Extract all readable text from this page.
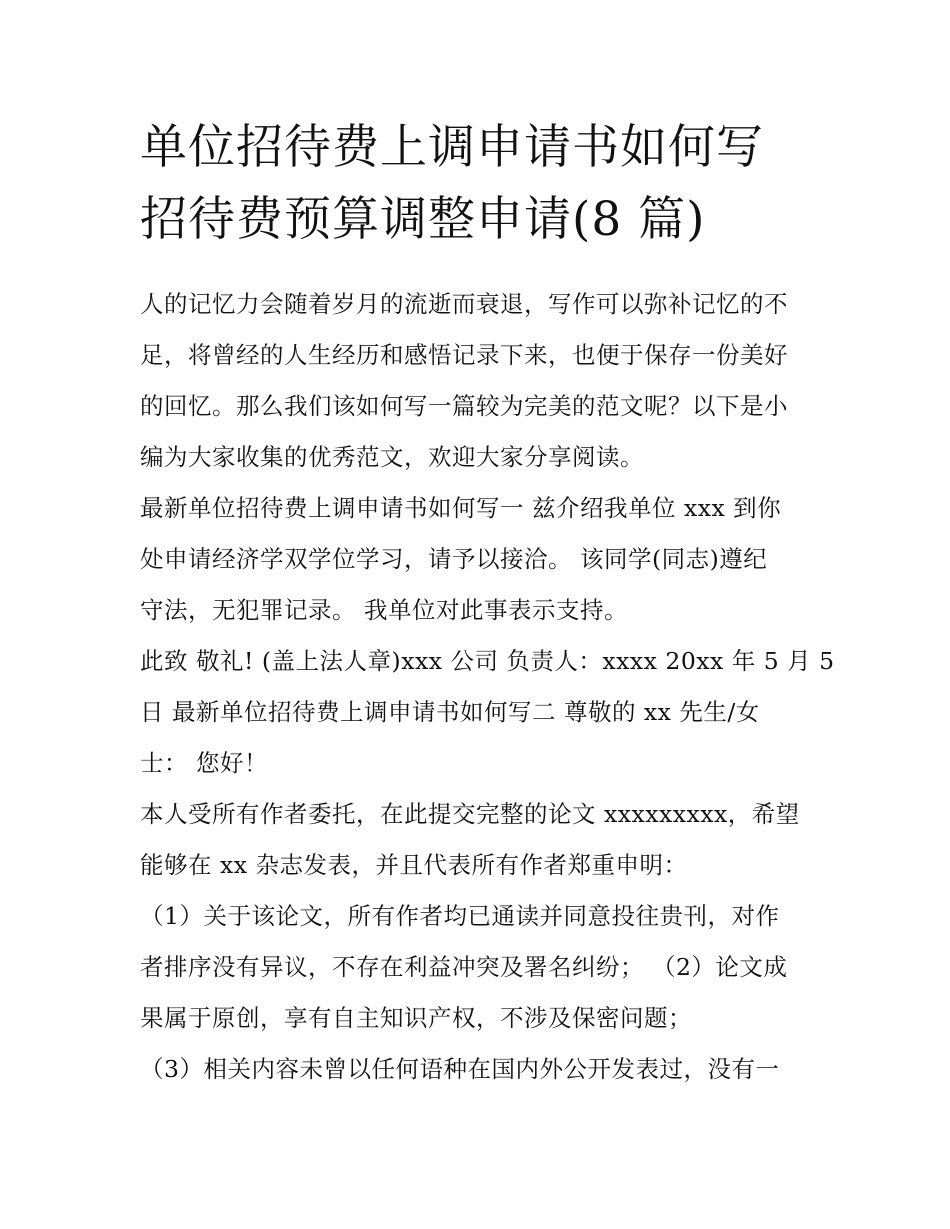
单位招待费上调申请书如何写
招待费预算调整申请(8 篇)
人的记忆力会随着岁月的流逝而衰退，写作可以弥补记忆的不
足，将曾经的人生经历和感悟记录下来，也便于保存一份美好
的回忆。那么我们该如何写一篇较为完美的范文呢？以下是小
编为大家收集的优秀范文，欢迎大家分享阅读。
最新单位招待费上调申请书如何写一 兹介绍我单位 xxx 到你
处申请经济学双学位学习，请予以接洽。 该同学(同志)遵纪
守法，无犯罪记录。 我单位对此事表示支持。
此致 敬礼! (盖上法人章)xxx 公司 负责人：xxxx 20xx 年 5 月 5
日 最新单位招待费上调申请书如何写二 尊敬的 xx 先生/女
士： 您好！
本人受所有作者委托，在此提交完整的论文 xxxxxxxxx，希望
能够在 xx 杂志发表，并且代表所有作者郑重申明：
（1）关于该论文，所有作者均已通读并同意投往贵刊，对作
者排序没有异议，不存在利益冲突及署名纠纷； （2）论文成
果属于原创，享有自主知识产权，不涉及保密问题；
（3）相关内容未曾以任何语种在国内外公开发表过，没有一
